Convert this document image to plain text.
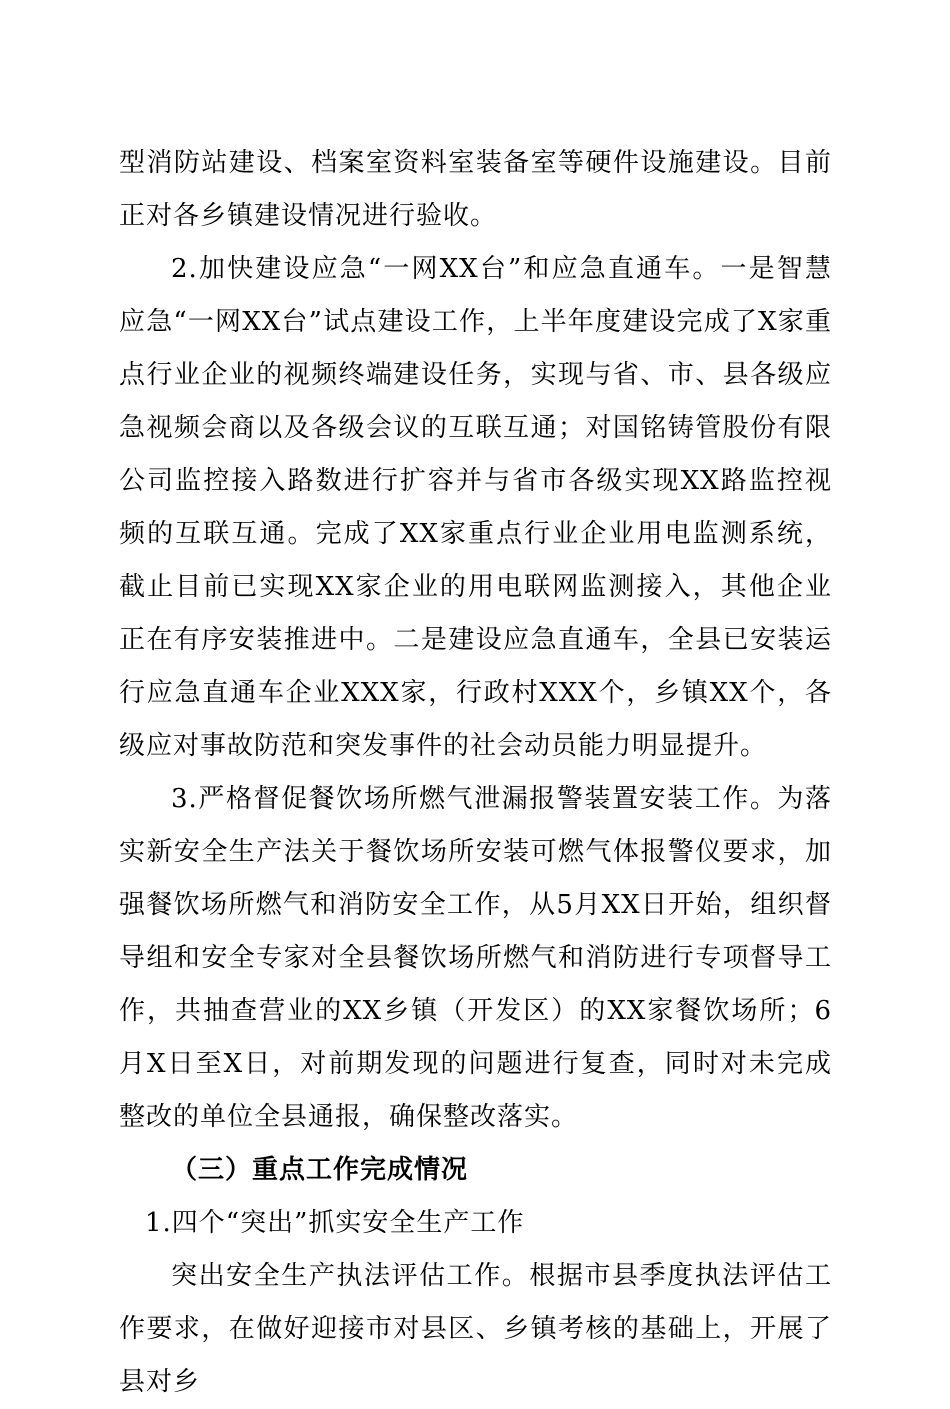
型消防站建设、档案室资料室装备室等硬件设施建设。目前正对各乡镇建设情况进行验收。

2.加快建设应急“一网XX台”和应急直通车。一是智慧应急“一网XX台”试点建设工作，上半年度建设完成了X家重点行业企业的视频终端建设任务，实现与省、市、县各级应急视频会商以及各级会议的互联互通；对国铭铸管股份有限公司监控接入路数进行扩容并与省市各级实现XX路监控视频的互联互通。完成了XX家重点行业企业用电监测系统，截止目前已实现XX家企业的用电联网监测接入，其他企业正在有序安装推进中。二是建设应急直通车，全县已安装运行应急直通车企业XXX家，行政村XXX个，乡镇XX个，各级应对事故防范和突发事件的社会动员能力明显提升。

3.严格督促餐饮场所燃气泄漏报警装置安装工作。为落实新安全生产法关于餐饮场所安装可燃气体报警仪要求，加强餐饮场所燃气和消防安全工作，从5月XX日开始，组织督导组和安全专家对全县餐饮场所燃气和消防进行专项督导工作，共抽查营业的XX乡镇（开发区）的XX家餐饮场所；6月X日至X日，对前期发现的问题进行复查，同时对未完成整改的单位全县通报，确保整改落实。

（三）重点工作完成情况

1.四个“突出”抓实安全生产工作

突出安全生产执法评估工作。根据市县季度执法评估工作要求，在做好迎接市对县区、乡镇考核的基础上，开展了县对乡
